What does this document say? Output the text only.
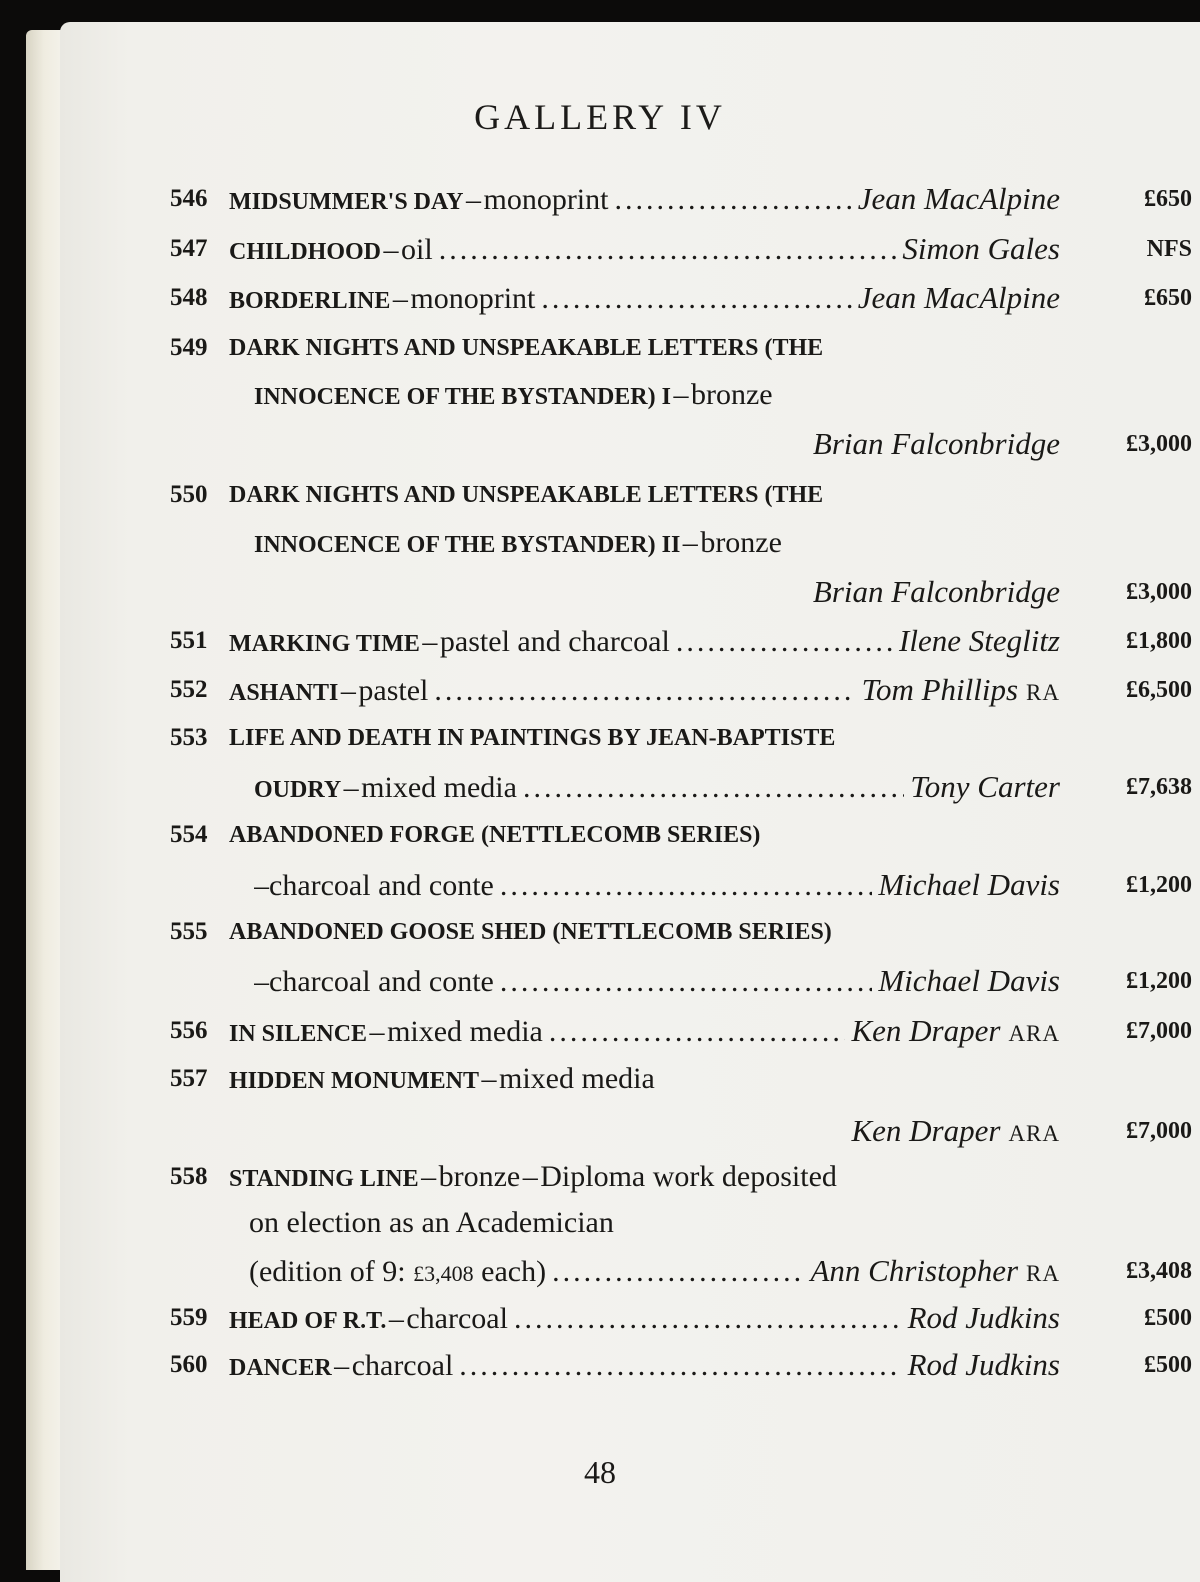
GALLERY IV
546 MIDSUMMER'S DAY  –  monoprint .....	Jean MacAlpine	£650
547 CHILDHOOD  –  oil .....	Simon Gales	NFS
548 BORDERLINE  –  monoprint .....	Jean MacAlpine	£650
549 DARK NIGHTS AND UNSPEAKABLE LETTERS (THE
INNOCENCE OF THE BYSTANDER) I  –  bronze
Brian Falconbridge	£3,000
550 DARK NIGHTS AND UNSPEAKABLE LETTERS (THE
INNOCENCE OF THE BYSTANDER) II  –  bronze
Brian Falconbridge	£3,000
551 MARKING TIME  –  pastel and charcoal .....	Ilene Steglitz	£1,800
552 ASHANTI  –  pastel .....	Tom Phillips RA	£6,500
553 LIFE AND DEATH IN PAINTINGS BY JEAN-BAPTISTE
OUDRY  –  mixed media .....	Tony Carter	£7,638
554 ABANDONED FORGE (NETTLECOMB SERIES)
– charcoal and conte .....	Michael Davis	£1,200
555 ABANDONED GOOSE SHED (NETTLECOMB SERIES)
– charcoal and conte .....	Michael Davis	£1,200
556 IN SILENCE  –  mixed media .....	Ken Draper ARA	£7,000
557 HIDDEN MONUMENT  –  mixed media
Ken Draper ARA	£7,000
558 STANDING LINE  –  bronze  –  Diploma work deposited
on election as an Academician
(edition of 9: £3,408 each) .....	Ann Christopher RA	£3,408
559 HEAD OF R.T.  –  charcoal .....	Rod Judkins	£500
560 DANCER  –  charcoal .....	Rod Judkins	£500
48
